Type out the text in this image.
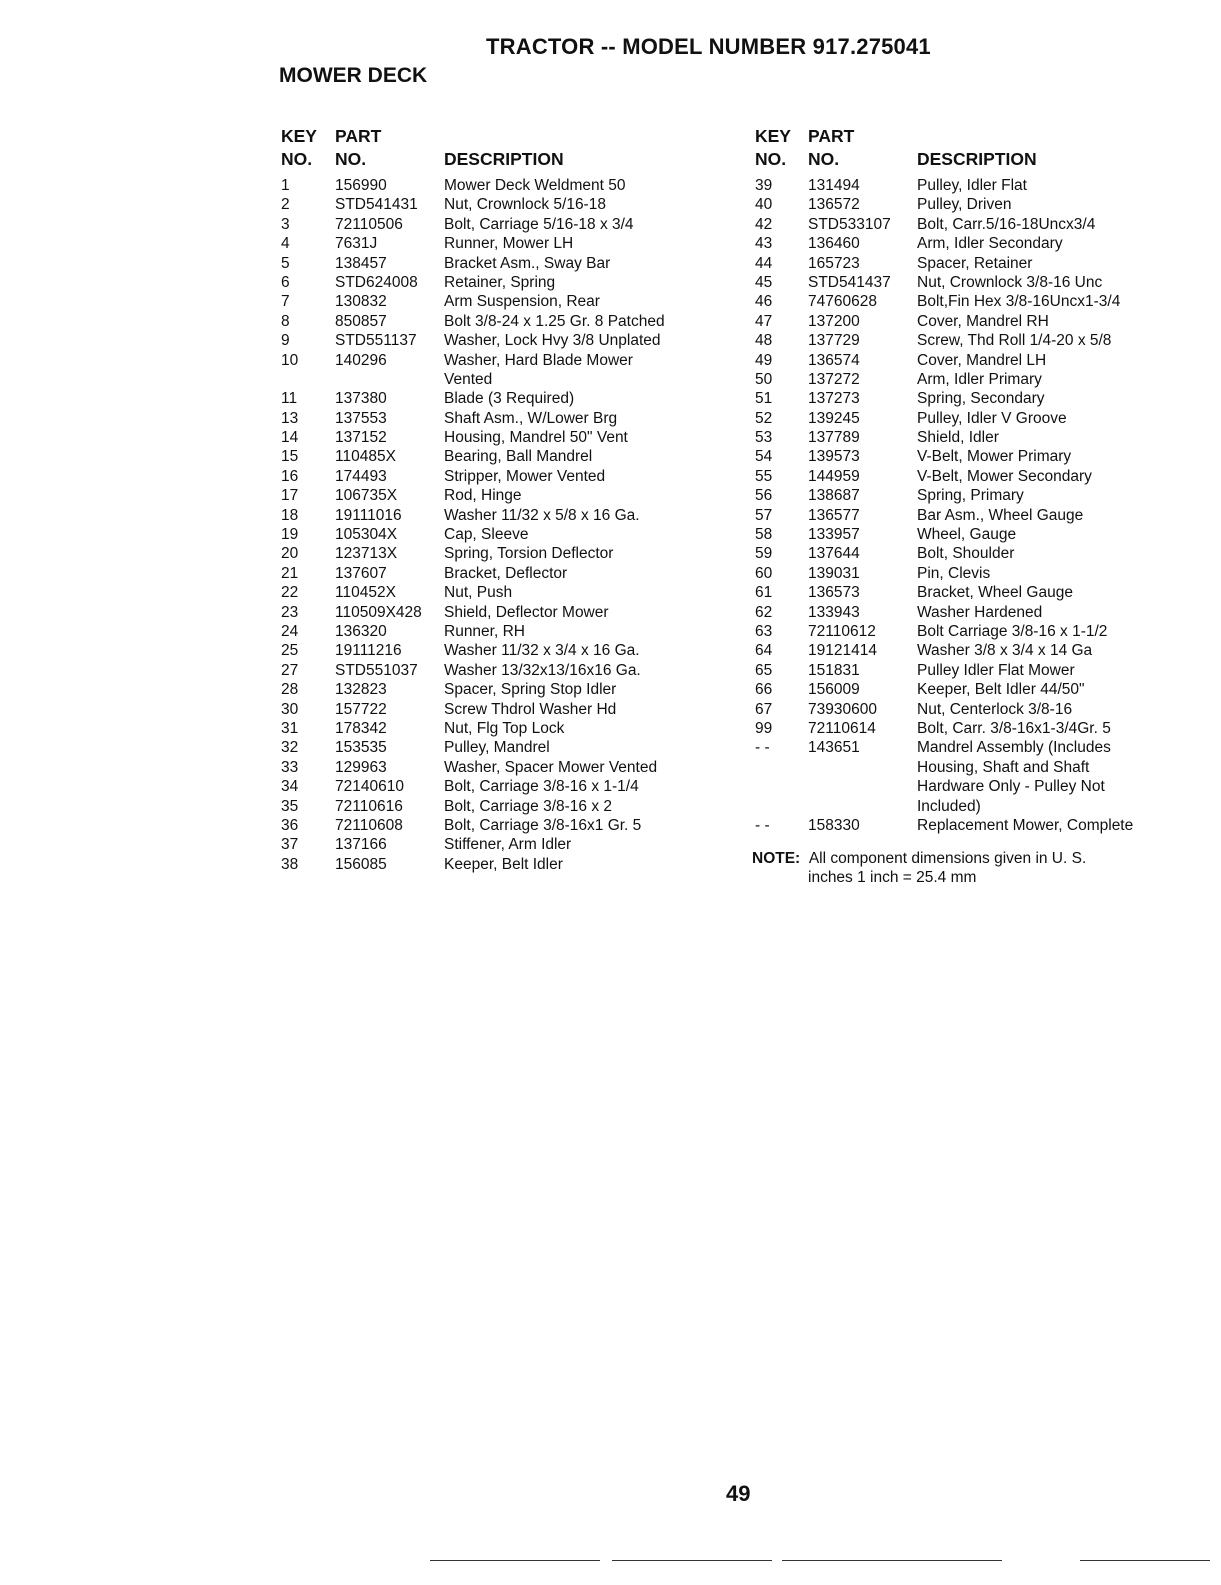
TRACTOR -- MODEL NUMBER 917.275041
MOWER DECK
KEY
NO.
PART
NO.	DESCRIPTION
1	156990	Mower Deck Weldment 50
2	STD541431 Nut, Crownlock 5/16-18
3	72110506	Bolt, Carriage 5/16-18 x 3/4
4	7631J	Runner, Mower LH
5	138457	Bracket Asm., Sway Bar
6	STD624008 Retainer, Spring
7	130832	Arm Suspension, Rear
8	850857	Bolt 3/8-24 x 1.25 Gr. 8 Patched
9	STD551137 Washer, Lock Hvy 3/8 Unplated
10 140296	Washer, Hard Blade Mower
Vented
11 137380	Blade (3 Required)
13 137553	Shaft Asm., W/Lower Brg
14 137152	Housing, Mandrel 50" Vent
15 110485X	Bearing, Ball Mandrel
16 174493	Stripper, Mower Vented
17 106735X	Rod, Hinge
18 19111016	Washer 11/32 x 5/8 x 16 Ga.
19 105304X	Cap, Sleeve
20 123713X	Spring, Torsion Deflector
21 137607	Bracket, Deflector
22 110452X	Nut, Push
23 110509X428 Shield, Deflector Mower
24 136320	Runner, RH
25 19111216	Washer 11/32 x 3/4 x 16 Ga.
27 STD551037 Washer 13/32x13/16x16 Ga.
28 132823	Spacer, Spring Stop Idler
30 157722	Screw Thdrol Washer Hd
31 178342	Nut, Flg Top Lock
32 153535	Pulley, Mandrel
33 129963	Washer, Spacer Mower Vented
34 72140610	Bolt, Carriage 3/8-16 x 1-1/4
35 72110616	Bolt, Carriage 3/8-16 x 2
36 72110608	Bolt, Carriage 3/8-16x1 Gr. 5
37 137166	Stiffener, Arm Idler
38 156085	Keeper, Belt Idler
KEY
NO.
PART
NO.	DESCRIPTION
39 131494	Pulley, Idler Flat
40 136572	Pulley, Driven
42 STD533107 Bolt, Carr.5/16-18Uncx3/4
43 136460	Arm, Idler Secondary
44 165723	Spacer, Retainer
45 STD541437 Nut, Crownlock 3/8-16 Unc
46 74760628	Bolt,Fin Hex 3/8-16Uncx1-3/4
47 137200	Cover, Mandrel RH
48 137729	Screw, Thd Roll 1/4-20 x 5/8
49 136574	Cover, Mandrel LH
50 137272	Arm, Idler Primary
51 137273	Spring, Secondary
52 139245	Pulley, Idler V Groove
53 137789	Shield, Idler
54 139573	V-Belt, Mower Primary
55 144959	V-Belt, Mower Secondary
56 138687	Spring, Primary
57 136577	Bar Asm., Wheel Gauge
58 133957	Wheel, Gauge
59 137644	Bolt, Shoulder
60 139031	Pin, Clevis
61 136573	Bracket, Wheel Gauge
62 133943	Washer Hardened
63 72110612	Bolt Carriage 3/8-16 x 1-1/2
64 19121414	Washer 3/8 x 3/4 x 14 Ga
65 151831	Pulley Idler Flat Mower
66 156009	Keeper, Belt Idler 44/50"
67 73930600	Nut, Centerlock 3/8-16
99 72110614	Bolt, Carr. 3/8-16x1-3/4Gr. 5
- - 143651	Mandrel Assembly (Includes
Housing, Shaft and Shaft
Hardware Only - Pulley Not
Included)
- - 158330	Replacement Mower, Complete
NOTE: All component dimensions given in U. S.
inches 1 inch = 25.4 mm
49
